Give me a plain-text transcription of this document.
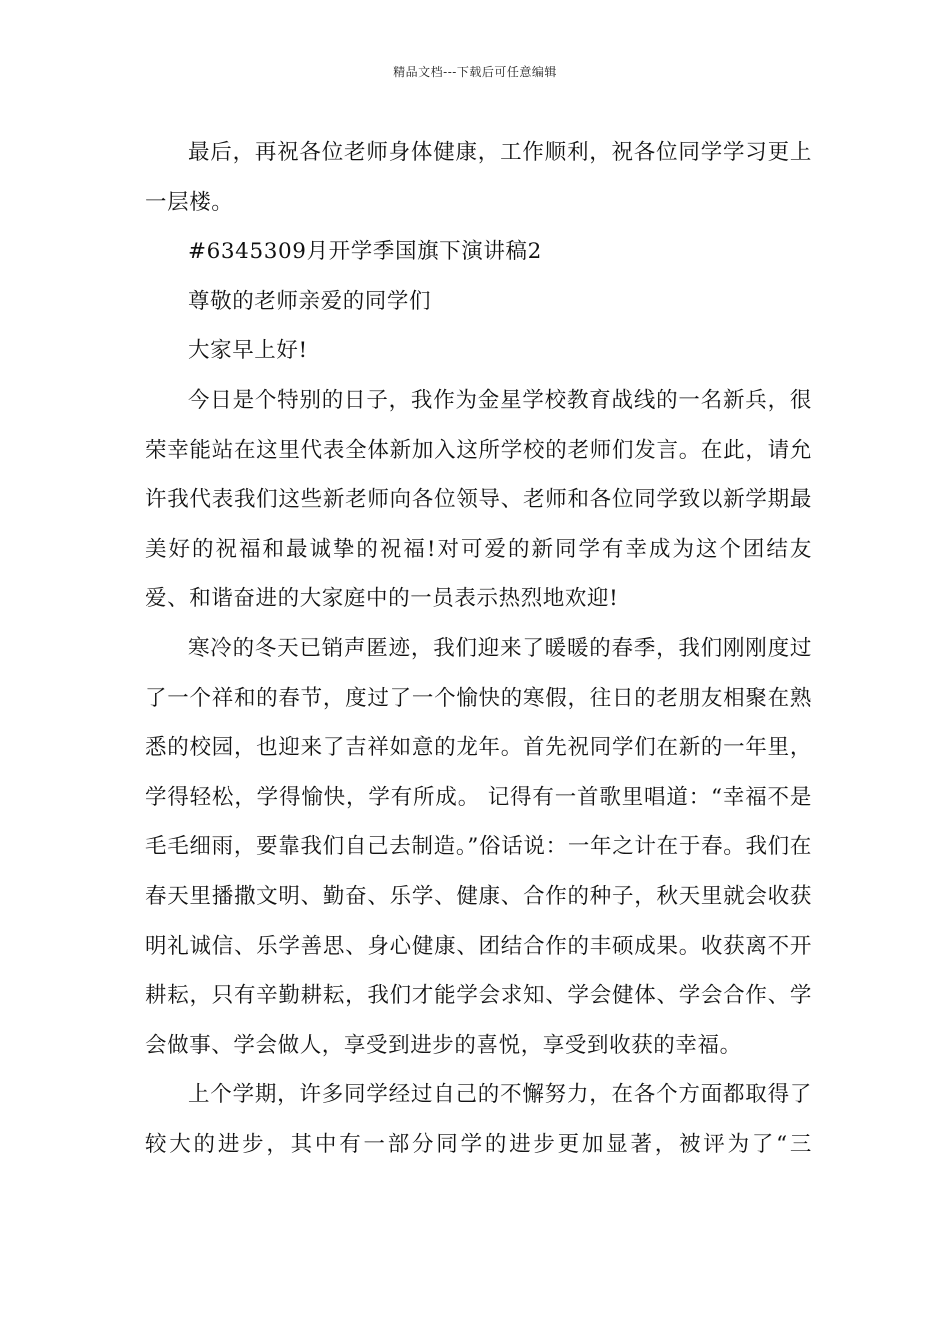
精品文档---下载后可任意编辑

最后，再祝各位老师身体健康，工作顺利，祝各位同学学习更上一层楼。

#6345309月开学季国旗下演讲稿2

尊敬的老师亲爱的同学们

大家早上好!

今日是个特别的日子，我作为金星学校教育战线的一名新兵，很荣幸能站在这里代表全体新加入这所学校的老师们发言。在此，请允许我代表我们这些新老师向各位领导、老师和各位同学致以新学期最美好的祝福和最诚挚的祝福!对可爱的新同学有幸成为这个团结友爱、和谐奋进的大家庭中的一员表示热烈地欢迎!

寒冷的冬天已销声匿迹，我们迎来了暖暖的春季，我们刚刚度过了一个祥和的春节，度过了一个愉快的寒假，往日的老朋友相聚在熟悉的校园，也迎来了吉祥如意的龙年。首先祝同学们在新的一年里，学得轻松，学得愉快，学有所成。 记得有一首歌里唱道：“幸福不是毛毛细雨，要靠我们自己去制造。”俗话说：一年之计在于春。我们在春天里播撒文明、勤奋、乐学、健康、合作的种子，秋天里就会收获明礼诚信、乐学善思、身心健康、团结合作的丰硕成果。收获离不开耕耘，只有辛勤耕耘，我们才能学会求知、学会健体、学会合作、学会做事、学会做人，享受到进步的喜悦，享受到收获的幸福。

上个学期，许多同学经过自己的不懈努力，在各个方面都取得了较大的进步，其中有一部分同学的进步更加显著，被评为了“三
